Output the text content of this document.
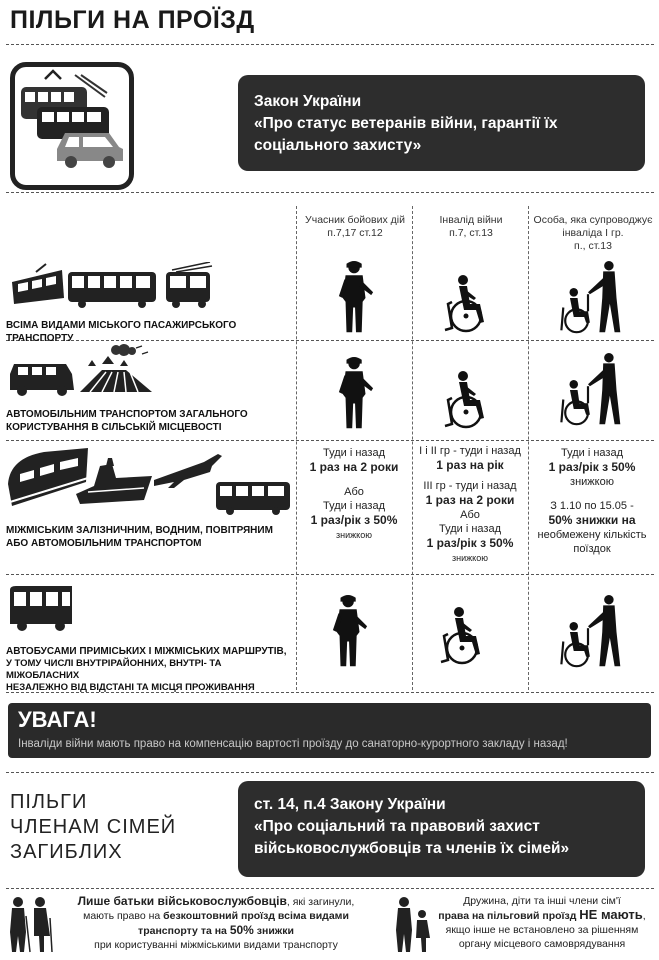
ПІЛЬГИ НА ПРОЇЗД
Закон України
«Про статус ветеранів війни, гарантії їх
соціального захисту»
Учасник бойових дій
п.7,17 ст.12
Інвалід війни
п.7, ст.13
Особа, яка супроводжує
інваліда I гр.
п., ст.13
ВСІМА ВИДАМИ МІСЬКОГО ПАСАЖИРСЬКОГО ТРАНСПОРТУ
АВТОМОБІЛЬНИМ ТРАНСПОРТОМ ЗАГАЛЬНОГО
КОРИСТУВАННЯ В СІЛЬСЬКІЙ МІСЦЕВОСТІ
МІЖМІСЬКИМ ЗАЛІЗНИЧНИМ, ВОДНИМ, ПОВІТРЯНИМ
АБО АВТОМОБІЛЬНИМ ТРАНСПОРТОМ
Туди і назад
1 раз на 2 роки
Або
Туди і назад
1 раз/рік з 50%
знижкою
I і II гр - туди і назад
1 раз на рік
III гр - туди і назад
1 раз на 2 роки
Або
Туди і назад
1 раз/рік з 50%
знижкою
Туди і назад
1 раз/рік з 50%
знижкою
З 1.10 по 15.05 -
50% знижки на
необмежену кількість
поїздок
АВТОБУСАМИ ПРИМІСЬКИХ І МІЖМІСЬКИХ МАРШРУТІВ,
У ТОМУ ЧИСЛІ ВНУТРІРАЙОННИХ, ВНУТРІ- ТА МІЖОБЛАСНИХ
НЕЗАЛЕЖНО ВІД ВІДСТАНІ ТА МІСЦЯ ПРОЖИВАННЯ
УВАГА!
Інваліди війни мають право на компенсацію вартості проїзду до санаторно-курортного закладу і назад!
ПІЛЬГИ
ЧЛЕНАМ СІМЕЙ
ЗАГИБЛИХ
ст. 14, п.4 Закону України
«Про соціальний та правовий захист
військовослужбовців та членів їх сімей»
Лише батьки військовослужбовців, які загинули,
мають право на безкоштовний проїзд всіма видами
транспорту та на 50% знижки
при користуванні міжміськими видами транспорту
Дружина, діти та інші члени сім'ї
права на пільговий проїзд НЕ мають,
якщо інше не встановлено за рішенням
органу місцевого самоврядування
